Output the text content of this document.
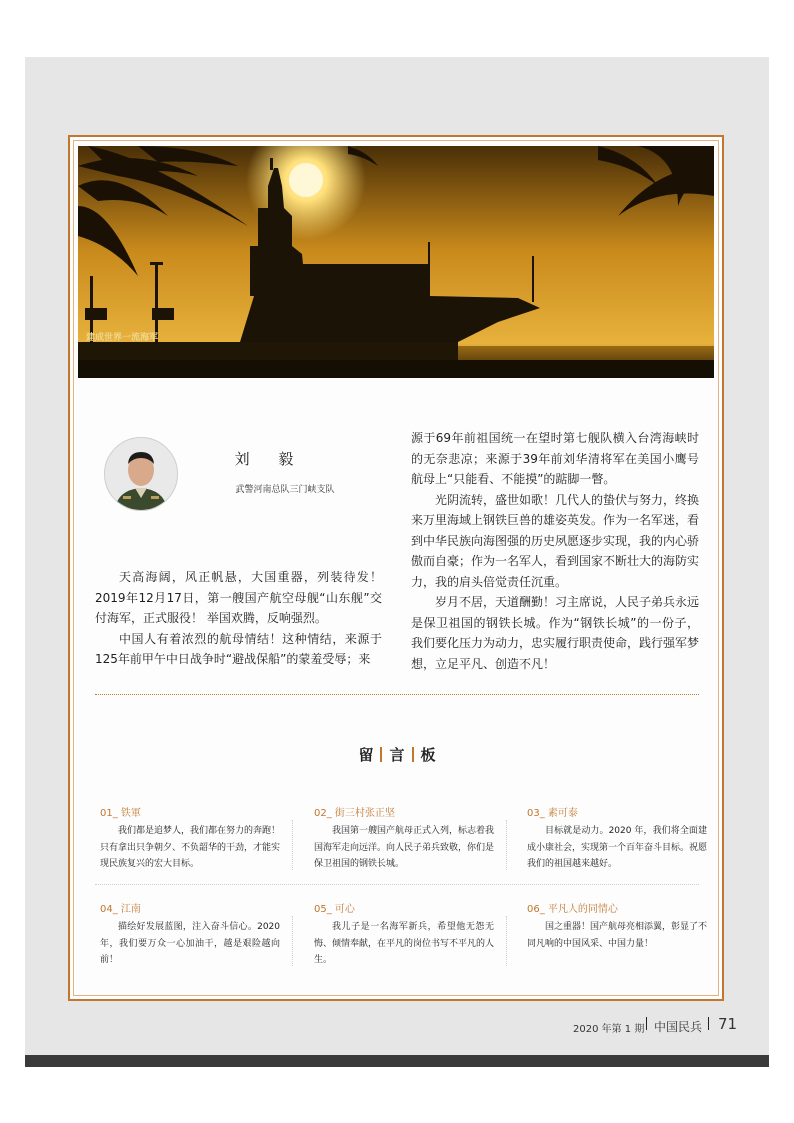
建成世界一流海军
刘 毅
武警河南总队三门峡支队

天高海阔，风正帆悬，大国重器，列装待发！2019年12月17日，第一艘国产航空母舰“山东舰”交付海军，正式服役！ 举国欢腾，反响强烈。

中国人有着浓烈的航母情结！这种情结，来源于125年前甲午中日战争时“避战保船”的蒙羞受辱；来

源于69年前祖国统一在望时第七舰队横入台湾海峡时的无奈悲凉；来源于39年前刘华清将军在美国小鹰号航母上“只能看、不能摸”的踮脚一瞥。

光阴流转，盛世如歌！几代人的蛰伏与努力，终换来万里海域上钢铁巨兽的雄姿英发。作为一名军迷，看到中华民族向海图强的历史夙愿逐步实现，我的内心骄傲而自豪；作为一名军人，看到国家不断壮大的海防实力，我的肩头倍觉责任沉重。

岁月不居，天道酬勤！习主席说，人民子弟兵永远是保卫祖国的钢铁长城。作为“钢铁长城”的一份子，我们要化压力为动力，忠实履行职责使命，践行强军梦想，立足平凡、创造不凡！

留 言 板
01_ 铁軍
我们都是追梦人，我们都在努力的奔跑！只有拿出只争朝夕、不负韶华的干劲，才能实现民族复兴的宏大目标。
02_ 街三村张正坚
我国第一艘国产航母正式入列，标志着我国海军走向远洋。向人民子弟兵致敬，你们是保卫祖国的钢铁长城。
03_ 素可泰
目标就是动力。2020 年，我们将全面建成小康社会，实现第一个百年奋斗目标。祝愿我们的祖国越来越好。
04_ 江南
描绘好发展蓝图，注入奋斗信心。2020 年，我们要万众一心加油干，越是艰险越向前！
05_ 可心
我儿子是一名海军新兵，希望他无怨无悔、倾情奉献，在平凡的岗位书写不平凡的人生。
06_ 平凡人的同情心
国之重器！国产航母亮相添翼，彰显了不同凡响的中国风采、中国力量！
2020 年第 1 期 中国民兵 71
